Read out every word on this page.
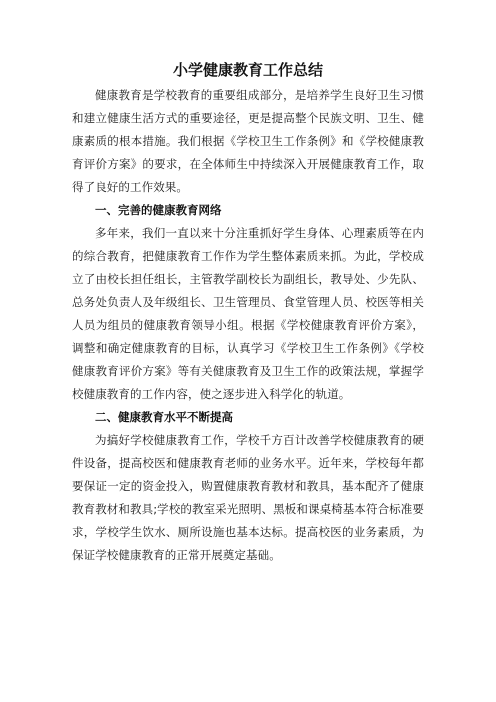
小学健康教育工作总结

健康教育是学校教育的重要组成部分，是培养学生良好卫生习惯和建立健康生活方式的重要途径，更是提高整个民族文明、卫生、健康素质的根本措施。我们根据《学校卫生工作条例》和《学校健康教育评价方案》的要求，在全体师生中持续深入开展健康教育工作，取得了良好的工作效果。

一、完善的健康教育网络

多年来，我们一直以来十分注重抓好学生身体、心理素质等在内的综合教育，把健康教育工作作为学生整体素质来抓。为此，学校成立了由校长担任组长，主管教学副校长为副组长，教导处、少先队、总务处负责人及年级组长、卫生管理员、食堂管理人员、校医等相关人员为组员的健康教育领导小组。根据《学校健康教育评价方案》，调整和确定健康教育的目标，认真学习《学校卫生工作条例》《学校健康教育评价方案》等有关健康教育及卫生工作的政策法规，掌握学校健康教育的工作内容，使之逐步进入科学化的轨道。

二、健康教育水平不断提高

为搞好学校健康教育工作，学校千方百计改善学校健康教育的硬件设备，提高校医和健康教育老师的业务水平。近年来，学校每年都要保证一定的资金投入，购置健康教育教材和教具，基本配齐了健康教育教材和教具;学校的教室采光照明、黑板和课桌椅基本符合标准要求，学校学生饮水、厕所设施也基本达标。提高校医的业务素质，为保证学校健康教育的正常开展奠定基础。
